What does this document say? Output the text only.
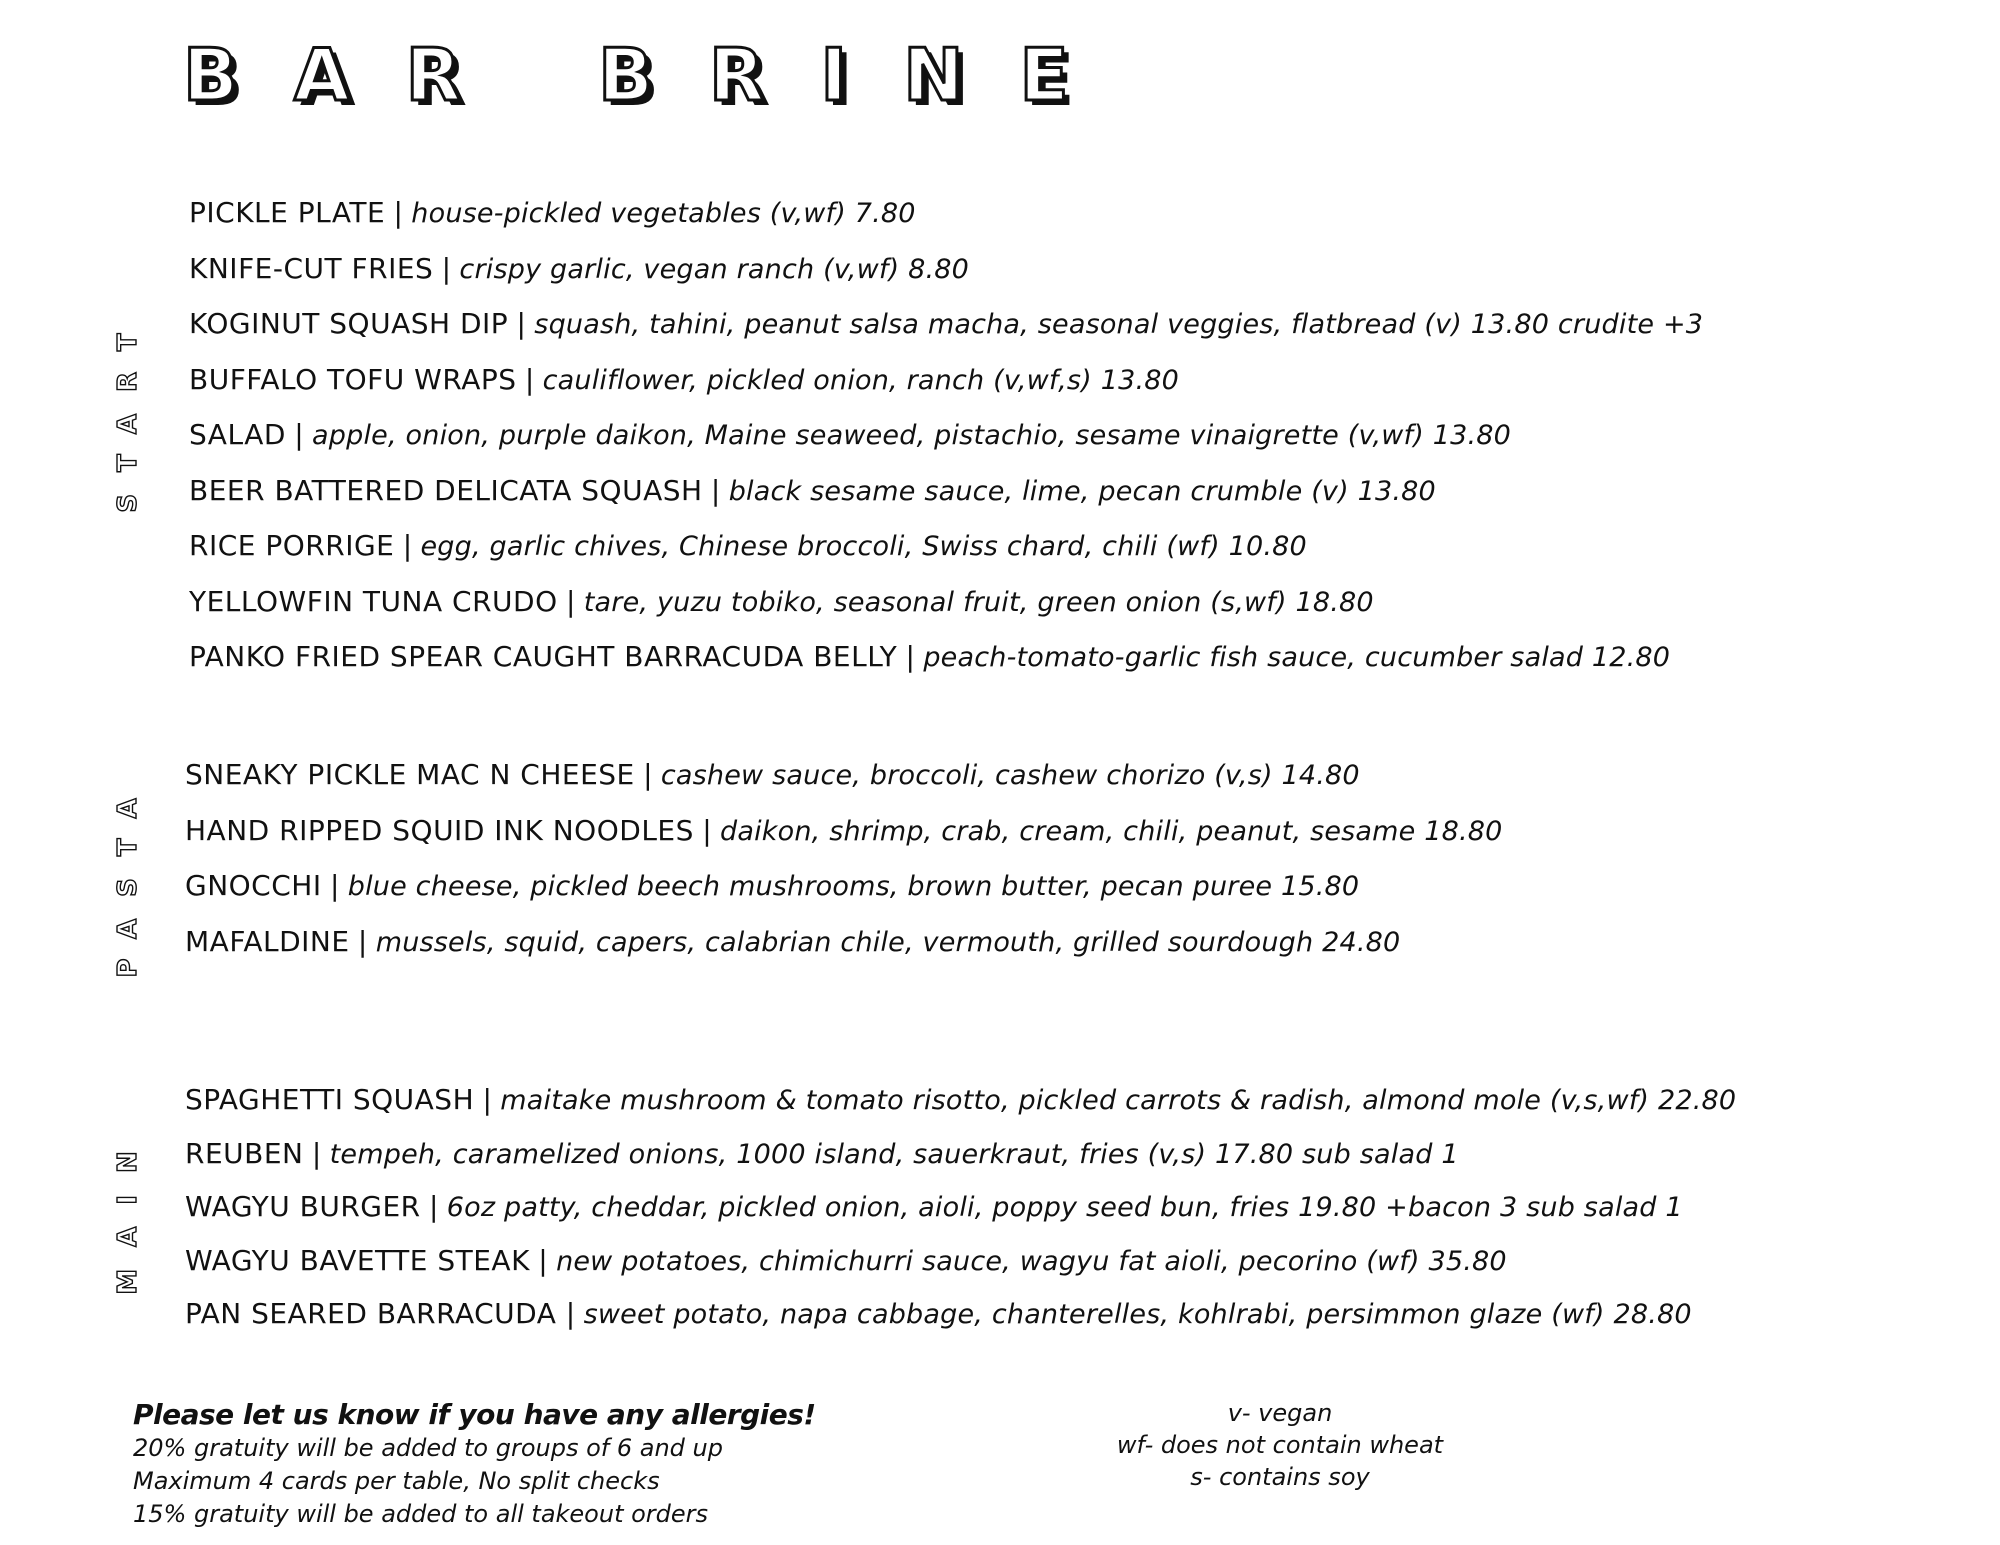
BAR BRINE
START
PASTA
MAIN
PICKLE PLATE | house-pickled vegetables (v,wf) 7.80
KNIFE-CUT FRIES | crispy garlic, vegan ranch (v,wf) 8.80
KOGINUT SQUASH DIP | squash, tahini, peanut salsa macha, seasonal veggies, flatbread (v) 13.80 crudite +3
BUFFALO TOFU WRAPS | cauliflower, pickled onion, ranch (v,wf,s) 13.80
SALAD | apple, onion, purple daikon, Maine seaweed, pistachio, sesame vinaigrette (v,wf) 13.80
BEER BATTERED DELICATA SQUASH | black sesame sauce, lime, pecan crumble (v) 13.80
RICE PORRIGE | egg, garlic chives, Chinese broccoli, Swiss chard, chili (wf) 10.80
YELLOWFIN TUNA CRUDO | tare, yuzu tobiko, seasonal fruit, green onion (s,wf) 18.80
PANKO FRIED SPEAR CAUGHT BARRACUDA BELLY | peach-tomato-garlic fish sauce, cucumber salad 12.80
SNEAKY PICKLE MAC N CHEESE | cashew sauce, broccoli, cashew chorizo (v,s) 14.80
HAND RIPPED SQUID INK NOODLES | daikon, shrimp, crab, cream, chili, peanut, sesame 18.80
GNOCCHI | blue cheese, pickled beech mushrooms, brown butter, pecan puree 15.80
MAFALDINE | mussels, squid, capers, calabrian chile, vermouth, grilled sourdough 24.80
SPAGHETTI SQUASH | maitake mushroom & tomato risotto, pickled carrots & radish, almond mole (v,s,wf) 22.80
REUBEN | tempeh, caramelized onions, 1000 island, sauerkraut, fries (v,s) 17.80 sub salad 1
WAGYU BURGER | 6oz patty, cheddar, pickled onion, aioli, poppy seed bun, fries 19.80 +bacon 3 sub salad 1
WAGYU BAVETTE STEAK | new potatoes, chimichurri sauce, wagyu fat aioli, pecorino (wf) 35.80
PAN SEARED BARRACUDA | sweet potato, napa cabbage, chanterelles, kohlrabi, persimmon glaze (wf) 28.80
Please let us know if you have any allergies!
20% gratuity will be added to groups of 6 and up
Maximum 4 cards per table, No split checks
15% gratuity will be added to all takeout orders
v- vegan
wf- does not contain wheat
s- contains soy
